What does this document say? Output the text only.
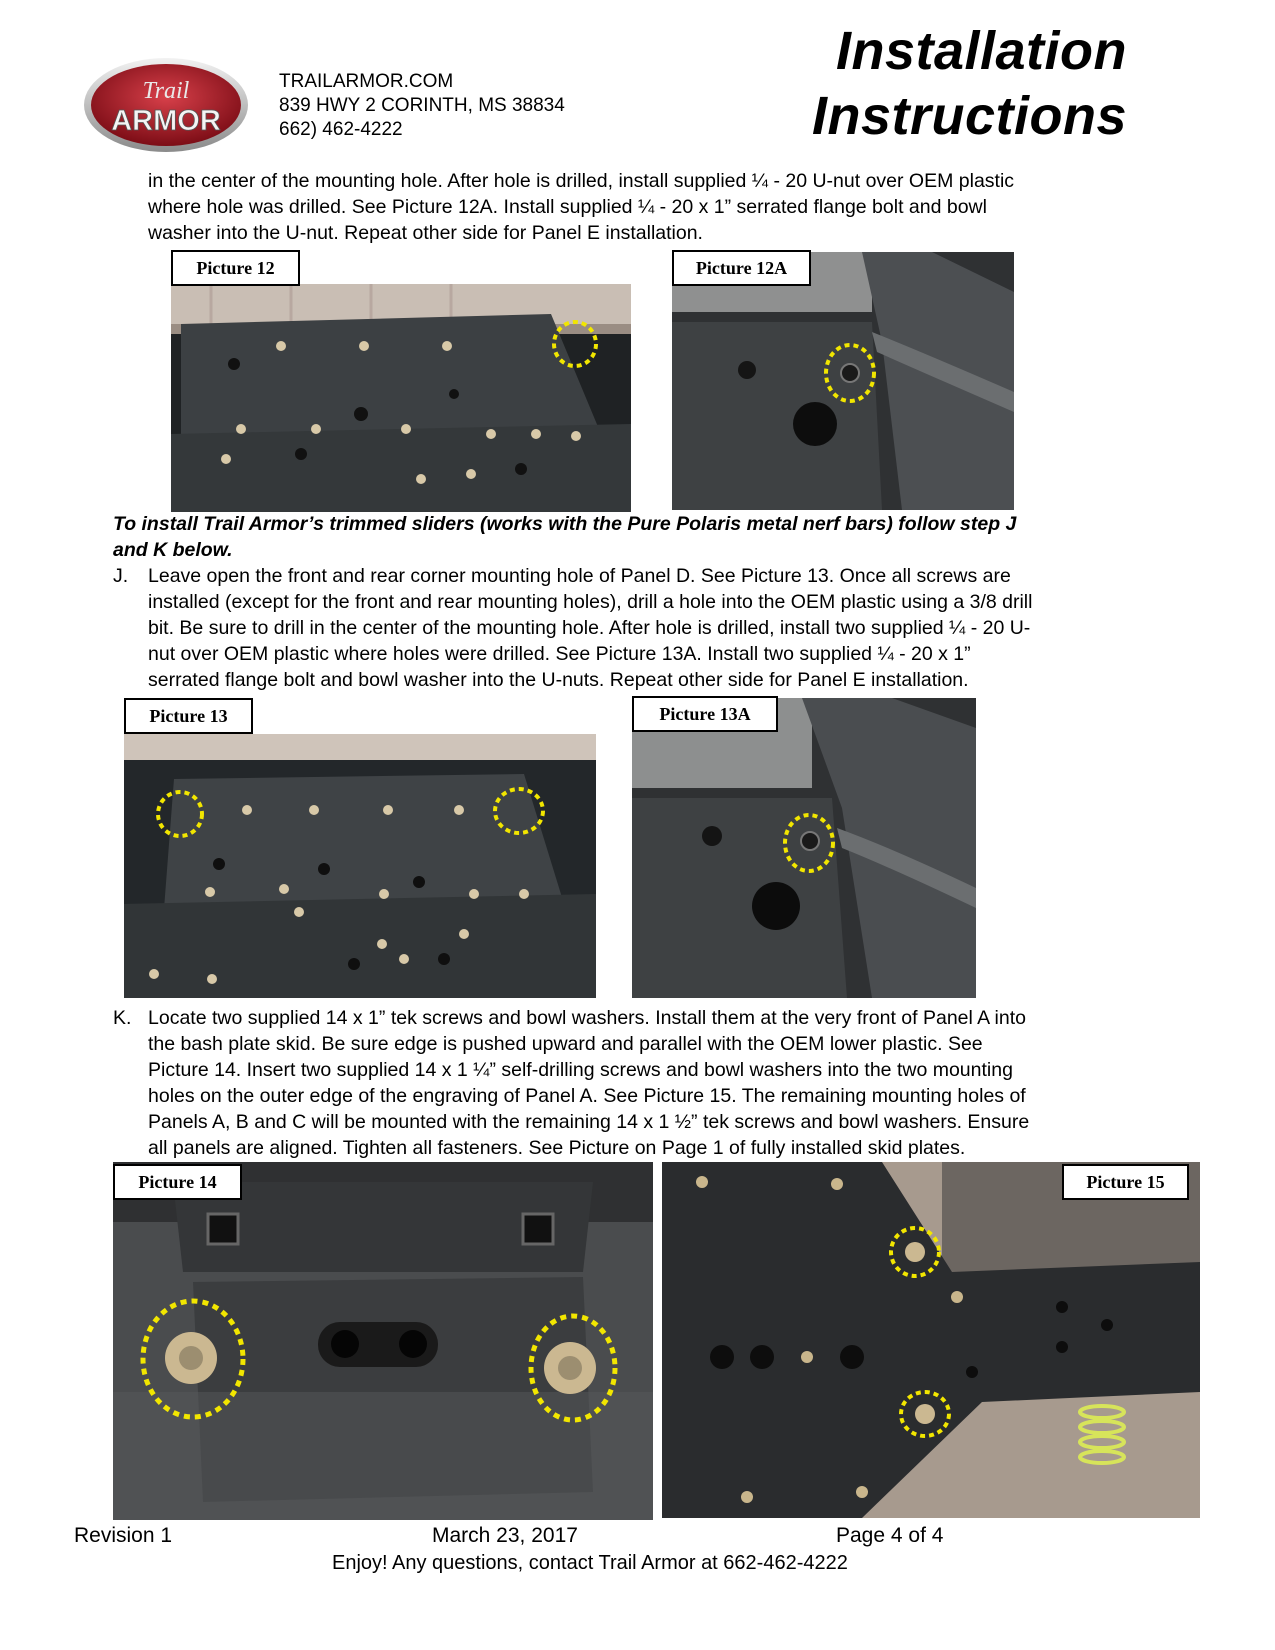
Trail
ARMOR
TRAILARMOR.COM
839 HWY 2 CORINTH, MS 38834
662) 462-4222
Installation
Instructions
in the center of the mounting hole. After hole is drilled, install supplied ¼ - 20 U-nut over OEM plastic
where hole was drilled. See Picture 12A. Install supplied ¼ - 20 x 1” serrated flange bolt and bowl
washer into the U-nut. Repeat other side for Panel E installation.
Picture 12	Picture 12A
To install Trail Armor’s trimmed sliders (works with the Pure Polaris metal nerf bars) follow step J
and K below.
J. Leave open the front and rear corner mounting hole of Panel D. See Picture 13. Once all screws are
installed (except for the front and rear mounting holes), drill a hole into the OEM plastic using a 3/8 drill
bit. Be sure to drill in the center of the mounting hole. After hole is drilled, install two supplied ¼ - 20 U-
nut over OEM plastic where holes were drilled. See Picture 13A. Install two supplied ¼ - 20 x 1”
serrated flange bolt and bowl washer into the U-nuts. Repeat other side for Panel E installation.
Picture 13	Picture 13A
K. Locate two supplied 14 x 1” tek screws and bowl washers. Install them at the very front of Panel A into
the bash plate skid. Be sure edge is pushed upward and parallel with the OEM lower plastic. See
Picture 14. Insert two supplied 14 x 1 ¼” self-drilling screws and bowl washers into the two mounting
holes on the outer edge of the engraving of Panel A. See Picture 15. The remaining mounting holes of
Panels A, B and C will be mounted with the remaining 14 x 1 ½” tek screws and bowl washers. Ensure
all panels are aligned. Tighten all fasteners. See Picture on Page 1 of fully installed skid plates.
Picture 14	Picture 15
Revision 1	March 23, 2017	Page 4 of 4
Enjoy! Any questions, contact Trail Armor at 662-462-4222
